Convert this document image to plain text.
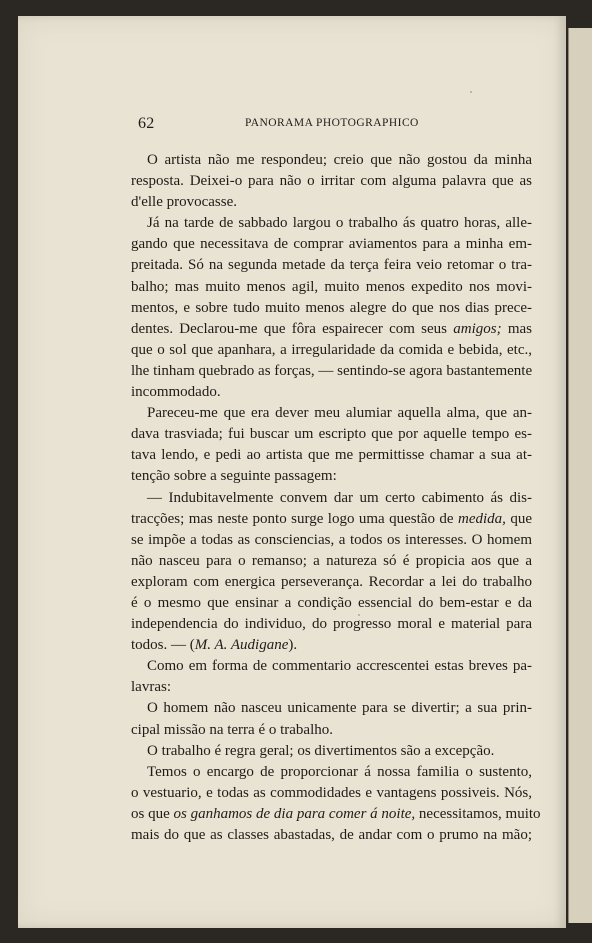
62	PANORAMA PHOTOGRAPHICO
O artista não me respondeu; creio que não gostou da minha
resposta. Deixei-o para não o irritar com alguma palavra que as
d'elle provocasse.
Já na tarde de sabbado largou o trabalho ás quatro horas, alle-
gando que necessitava de comprar aviamentos para a minha em-
preitada. Só na segunda metade da terça feira veio retomar o tra-
balho; mas muito menos agil, muito menos expedito nos movi-
mentos, e sobre tudo muito menos alegre do que nos dias prece-
dentes. Declarou-me que fôra espairecer com seus amigos; mas
que o sol que apanhara, a irregularidade da comida e bebida, etc.,
lhe tinham quebrado as forças, — sentindo-se agora bastantemente
incommodado.
Pareceu-me que era dever meu alumiar aquella alma, que an-
dava trasviada; fui buscar um escripto que por aquelle tempo es-
tava lendo, e pedi ao artista que me permittisse chamar a sua at-
tenção sobre a seguinte passagem:
— Indubitavelmente convem dar um certo cabimento ás dis-
tracções; mas neste ponto surge logo uma questão de medida, que
se impõe a todas as consciencias, a todos os interesses. O homem
não nasceu para o remanso; a natureza só é propicia aos que a
exploram com energica perseverança. Recordar a lei do trabalho
é o mesmo que ensinar a condição essencial do bem-estar e da
independencia do individuo, do progresso moral e material para
todos. — (M. A. Audigane).
Como em forma de commentario accrescentei estas breves pa-
lavras:
O homem não nasceu unicamente para se divertir; a sua prin-
cipal missão na terra é o trabalho.
O trabalho é regra geral; os divertimentos são a excepção.
Temos o encargo de proporcionar á nossa familia o sustento,
o vestuario, e todas as commodidades e vantagens possiveis. Nós,
os que os ganhamos de dia para comer á noite, necessitamos, muito
mais do que as classes abastadas, de andar com o prumo na mão;
